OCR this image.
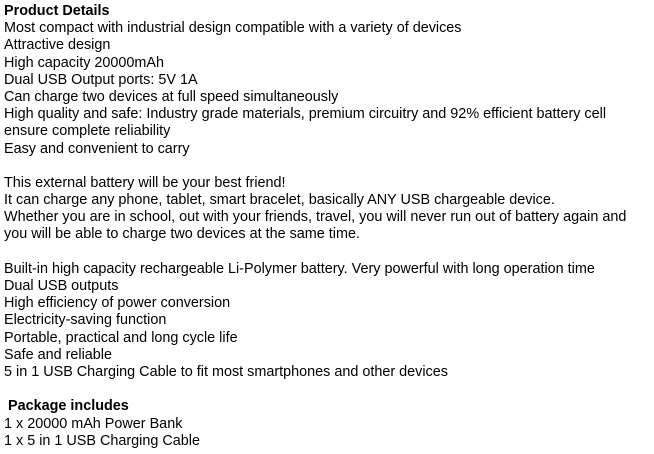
Product Details
Most compact with industrial design compatible with a variety of devices
Attractive design
High capacity 20000mAh
Dual USB Output ports: 5V 1A
Can charge two devices at full speed simultaneously
High quality and safe: Industry grade materials, premium circuitry and 92% efficient battery cell
ensure complete reliability
Easy and convenient to carry
This external battery will be your best friend!
It can charge any phone, tablet, smart bracelet, basically ANY USB chargeable device.
Whether you are in school, out with your friends, travel, you will never run out of battery again and
you will be able to charge two devices at the same time.
Built-in high capacity rechargeable Li-Polymer battery. Very powerful with long operation time
Dual USB outputs
High efficiency of power conversion
Electricity-saving function
Portable, practical and long cycle life
Safe and reliable
5 in 1 USB Charging Cable to fit most smartphones and other devices
Package includes
1 x 20000 mAh Power Bank
1 x 5 in 1 USB Charging Cable
